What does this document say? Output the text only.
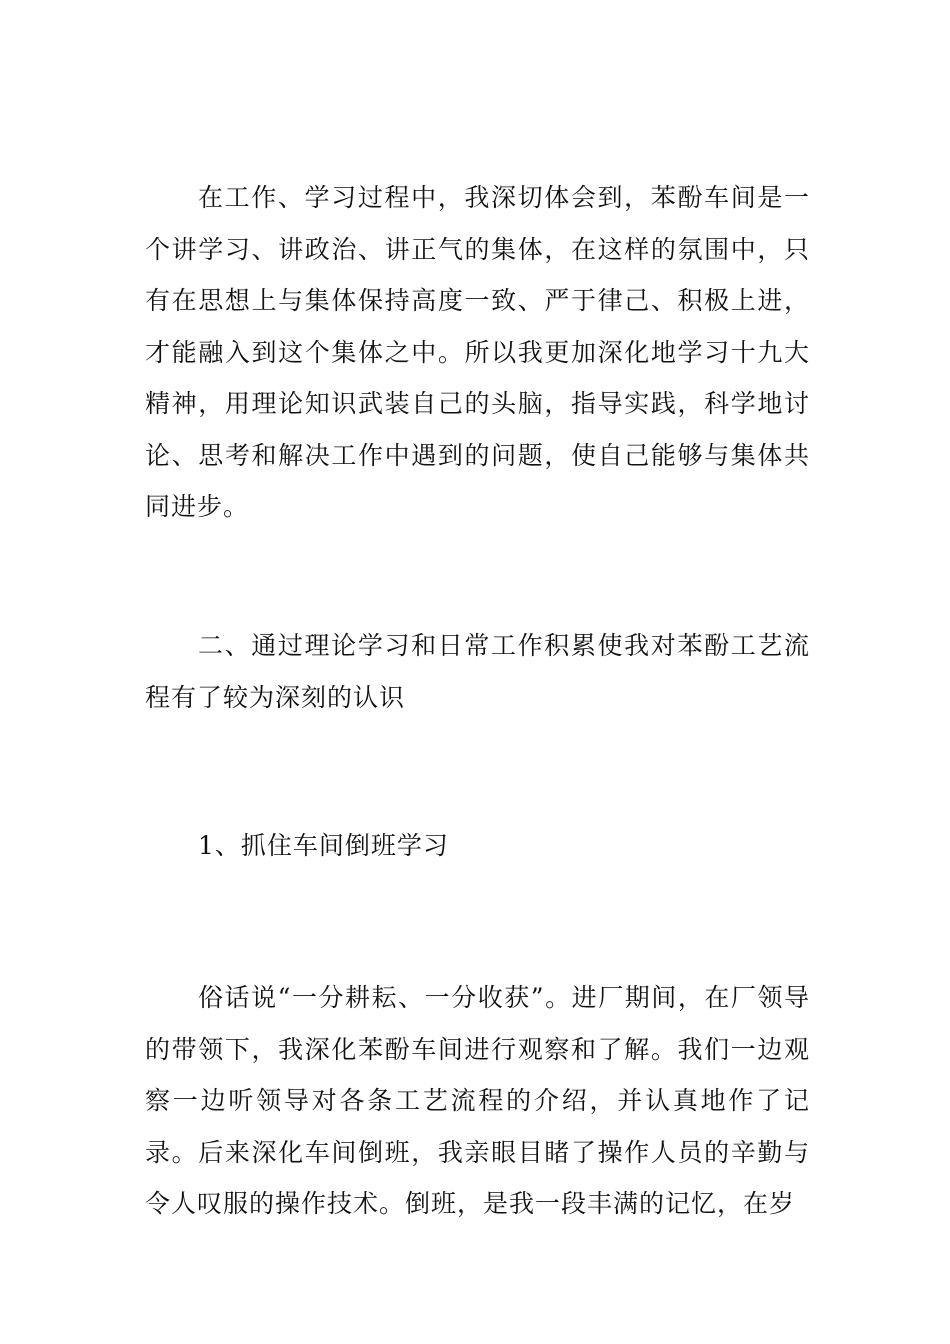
在工作、学习过程中，我深切体会到，苯酚车间是一个讲学习、讲政治、讲正气的集体，在这样的氛围中，只有在思想上与集体保持高度一致、严于律己、积极上进，才能融入到这个集体之中。所以我更加深化地学习十九大精神，用理论知识武装自己的头脑，指导实践，科学地讨论、思考和解决工作中遇到的问题，使自己能够与集体共同进步。

二、通过理论学习和日常工作积累使我对苯酚工艺流程有了较为深刻的认识

1、抓住车间倒班学习

俗话说“一分耕耘、一分收获”。进厂期间，在厂领导的带领下，我深化苯酚车间进行观察和了解。我们一边观察一边听领导对各条工艺流程的介绍，并认真地作了记录。后来深化车间倒班，我亲眼目睹了操作人员的辛勤与令人叹服的操作技术。倒班，是我一段丰满的记忆，在岁
